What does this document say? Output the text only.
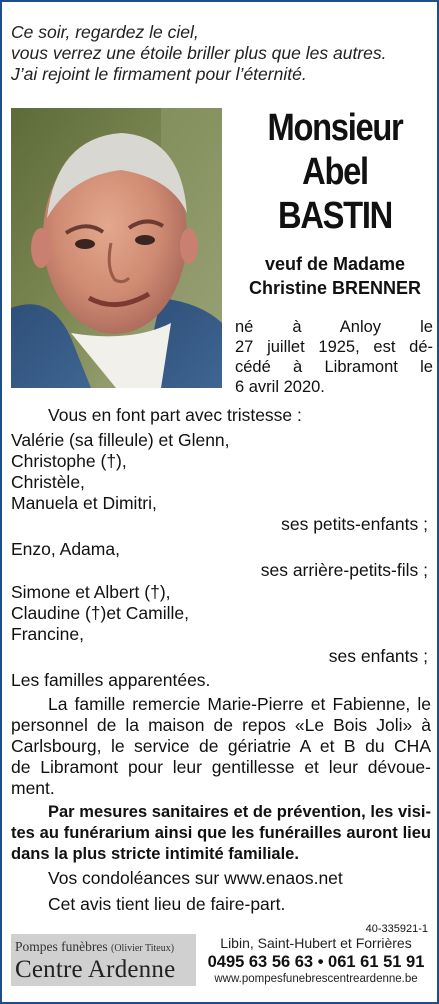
Ce soir, regardez le ciel,
vous verrez une étoile briller plus que les autres.
J’ai rejoint le firmament pour l’éternité.
Monsieur
Abel
BASTIN
veuf de Madame
Christine BRENNER
né à Anloy le
27 juillet 1925, est dé-
cédé à Libramont le
6 avril 2020.
Vous en font part avec tristesse :
Valérie (sa filleule) et Glenn,
Christophe (†),
Christèle,
Manuela et Dimitri,
ses petits-enfants ;
Enzo, Adama,
ses arrière-petits-fils ;
Simone et Albert (†),
Claudine (†)et Camille,
Francine,
ses enfants ;
Les familles apparentées.
La famille remercie Marie-Pierre et Fabienne, le
personnel de la maison de repos «Le Bois Joli» à
Carlsbourg, le service de gériatrie A et B du CHA
de Libramont pour leur gentillesse et leur dévoue-
ment.
Par mesures sanitaires et de prévention, les visi-
tes au funérarium ainsi que les funérailles auront lieu
dans la plus stricte intimité familiale.
Vos condoléances sur www.enaos.net
Cet avis tient lieu de faire-part.
40-335921-1
Pompes funèbres (Olivier Titeux)
Centre Ardenne
Libin, Saint-Hubert et Forrières
0495 63 56 63 • 061 61 51 91
www.pompesfunebrescentreardenne.be
